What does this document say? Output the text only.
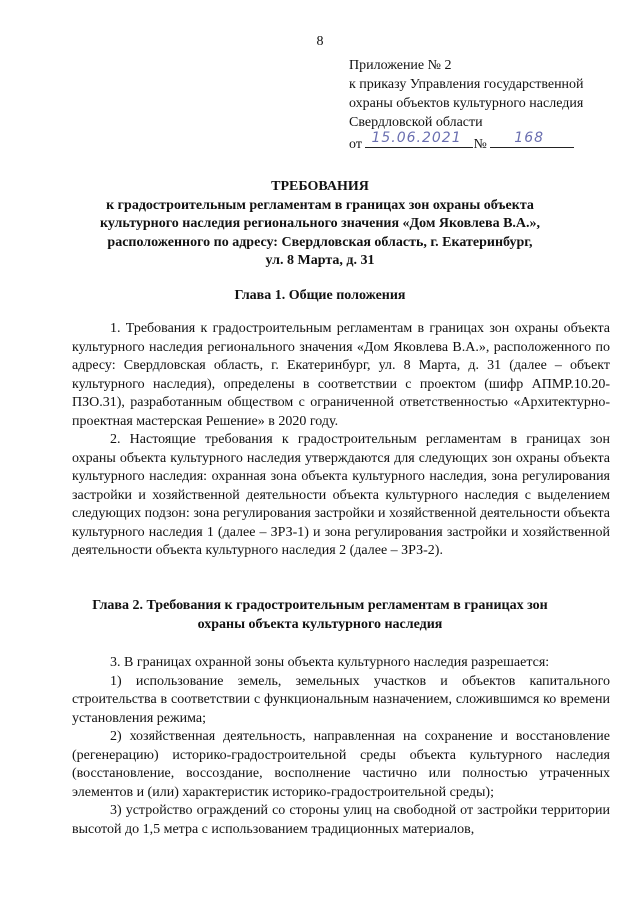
8
Приложение № 2
к приказу Управления государственной
охраны объектов культурного наследия
Свердловской области
от 15.06.2021 № 168
ТРЕБОВАНИЯ
к градостроительным регламентам в границах зон охраны объекта
культурного наследия регионального значения «Дом Яковлева В.А.»,
расположенного по адресу: Свердловская область, г. Екатеринбург,
ул. 8 Марта, д. 31
Глава 1. Общие положения

1. Требования к градостроительным регламентам в границах зон охраны объекта культурного наследия регионального значения «Дом Яковлева В.А.», расположенного по адресу: Свердловская область, г. Екатеринбург, ул. 8 Марта, д. 31 (далее – объект культурного наследия), определены в соответствии с проектом (шифр АПМР.10.20-ПЗО.31), разработанным обществом с ограниченной ответственностью «Архитектурно-проектная мастерская Решение» в 2020 году.

2. Настоящие требования к градостроительным регламентам в границах зон охраны объекта культурного наследия утверждаются для следующих зон охраны объекта культурного наследия: охранная зона объекта культурного наследия, зона регулирования застройки и хозяйственной деятельности объекта культурного наследия с выделением следующих подзон: зона регулирования застройки и хозяйственной деятельности объекта культурного наследия 1 (далее – ЗРЗ-1) и зона регулирования застройки и хозяйственной деятельности объекта культурного наследия 2 (далее – ЗРЗ-2).

Глава 2. Требования к градостроительным регламентам в границах зон
охраны объекта культурного наследия

3. В границах охранной зоны объекта культурного наследия разрешается:

1) использование земель, земельных участков и объектов капитального строительства в соответствии с функциональным назначением, сложившимся ко времени установления режима;

2) хозяйственная деятельность, направленная на сохранение и восстановление (регенерацию) историко-градостроительной среды объекта культурного наследия (восстановление, воссоздание, восполнение частично или полностью утраченных элементов и (или) характеристик историко-градостроительной среды);

3) устройство ограждений со стороны улиц на свободной от застройки территории высотой до 1,5 метра с использованием традиционных материалов,
